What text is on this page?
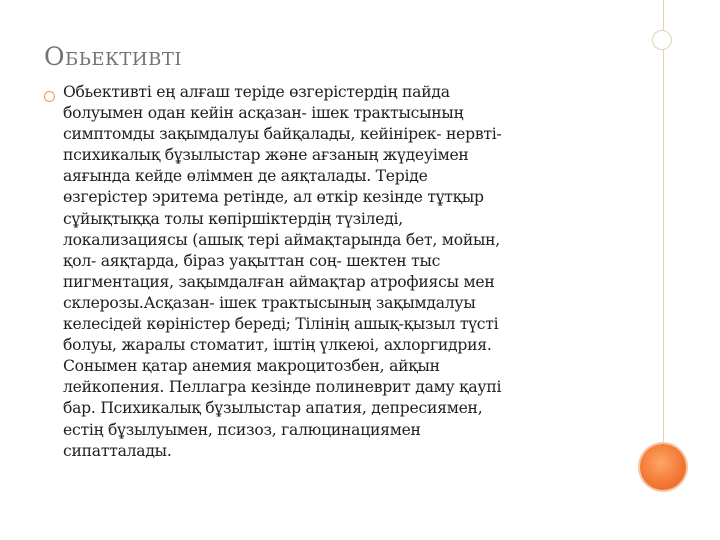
ОБЬЕКТИВТІ
Обьективті ең алғаш теріде өзгерістердің пайда
болуымен одан кейін асқазан- ішек трактысының
симптомды зақымдалуы байқалады, кейінірек- нервті-
психикалық бұзылыстар және ағзаның жүдеуімен
аяғында кейде өліммен де аяқталады. Теріде
өзгерістер эритема ретінде, ал өткір кезінде тұтқыр
сұйықтыққа толы көпіршіктердің түзіледі,
локализациясы (ашық тері аймақтарында бет, мойын,
қол- аяқтарда, біраз уақыттан соң- шектен тыс
пигментация, зақымдалған аймақтар атрофиясы мен
склерозы.Асқазан- ішек трактысының зақымдалуы
келесідей көріністер береді; Тілінің ашық-қызыл түсті
болуы, жаралы стоматит, іштің үлкеюі, ахлоргидрия.
Сонымен қатар анемия макроцитозбен, айқын
лейкопения. Пеллагра кезінде полиневрит даму қаупі
бар. Психикалық бұзылыстар апатия, депресиямен,
естің бұзылуымен, псизоз, галюцинациямен
сипатталады.
